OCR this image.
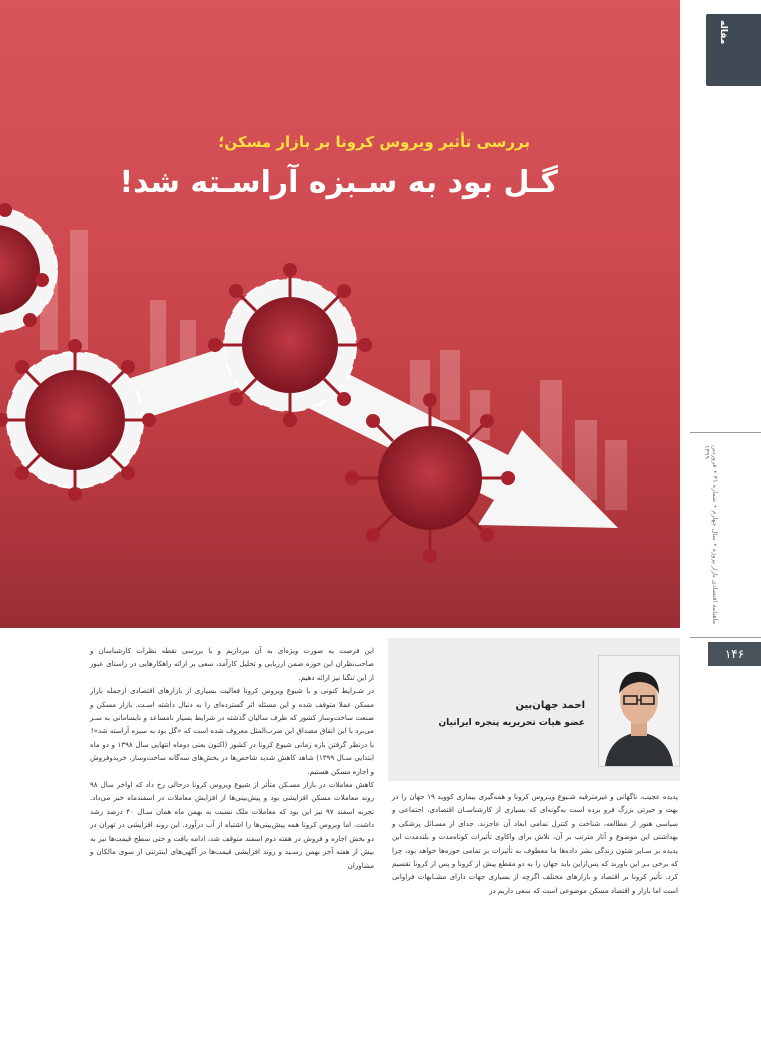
بررسی تأثیر ویروس کرونا بر بازار مسکن؛
گـل بود به سـبزه آراسـته شد!
مقاله
ماهنامه اقتصادی بازار پروژه • سال چهارم • شماره ۳۱ • فروردین ۱۳۹۹
۱۴۶
احمد جهان‌بین
عضو هیات تحریریه پنجره ایرانیان

این فرصت به صورت ویژه‌ای به آن بپردازیم و با بررسی نقطه نظرات کارشناسان و صاحب‌نظران این حوزه ضمن ارزیابی و تحلیل کارآمد، سعی بر ارائه راهکارهایی در راستای عبور از این تنگنا نیز ارائه دهیم.

در شـرایط کنونی و با شیوع ویروس کرونا فعالیت بسیاری از بازارهای اقتصادی ازجمله بازار مسکن عملا متوقف شده و این مسئله اثر گسترده‌ای را به دنبال داشته اسـت. بازار مسکن و صنعت ساخت‌وساز کشور که طرف سالیان گذشته در شرایط بسیار نامساعد و نابسامانی به سـر می‌برد با این اتفاق مصداق این ضرب‌المثل معروف شده است که «گل بود به سبزه آراسته شد»!

با درنظر گرفتن بازه زمانی شیوع کرونا در کشور (اکنون یعنی دوماه انتهایی سال ۱۳۹۸ و دو ماه ابتدایی سـال ۱۳۹۹) شاهد کاهش شدید شاخص‌ها در بخش‌های سه‌گانه ساخت‌وساز، خرید‌وفروش و اجاره مسکن هستیم.

کاهش معاملات در بازار مسـکن متأثر از شیوع ویروس کرونا درحالی رخ داد که اواخر سال ۹۸ روند معاملات مسکن افزایشی بود و پیش‌بینی‌ها از افزایش معاملات در اسفندماه خبر می‌داد. تجربه اسفند ۹۷ نیز این بود که معاملات ملک نسبت به بهمن ماه همان سـال ۴۰ درصد رشد داشت. اما ویروس کرونا همه پیش‌بینی‌ها را اشتباه از آب درآورد. این روند افزایشی در تهران در دو بخش اجاره و فروش در هفته دوم اسفند متوقف شد، ادامه یافت و حتی سطح قیمت‌ها نیز به بیش از هفته آخر بهمن رسـید و روند افزایشی قیمت‌ها در آگهی‌های اینترنتی از سوی مالکان و مشاوران

پدیده عجیب، ناگهانی و غیرمترقبه شـیوع ویـروس کرونا و همه‌گیری بیماری کووید ۱۹ جهان را در بهت و حیرتی بزرگ فرو برده است به‌گونه‌ای که بسیاری از کارشناسـان اقتصادی، اجتماعی و سیاسی هنوز از مطالعه، شناخت و کنترل تمامی ابعاد آن عاجزند. جدای از مسـائل پزشکی و بهداشتی این موضوع و آثار مترتب بر آن، تلاش برای واکاوی تأثیرات کوتاه‌مدت و بلندمدت این پدیده بر سـایر شئون زندگی بشر داده‌ها ما معطوف به تأثیرات بر تمامی حوزه‌ها خواهد بود، چرا که برخی بـر این باورند که پس‌ازاین باید جهان را به دو مقطع پیش از کرونا و پس از کرونا تقسیم کرد. تأثیر کرونا بر اقتصاد و بازارهای مختلف اگرچه از بسیاری جهات دارای مشـابهات فراوانی است اما بازار و اقتصاد مسکن موضوعی است که سعی داریم در
